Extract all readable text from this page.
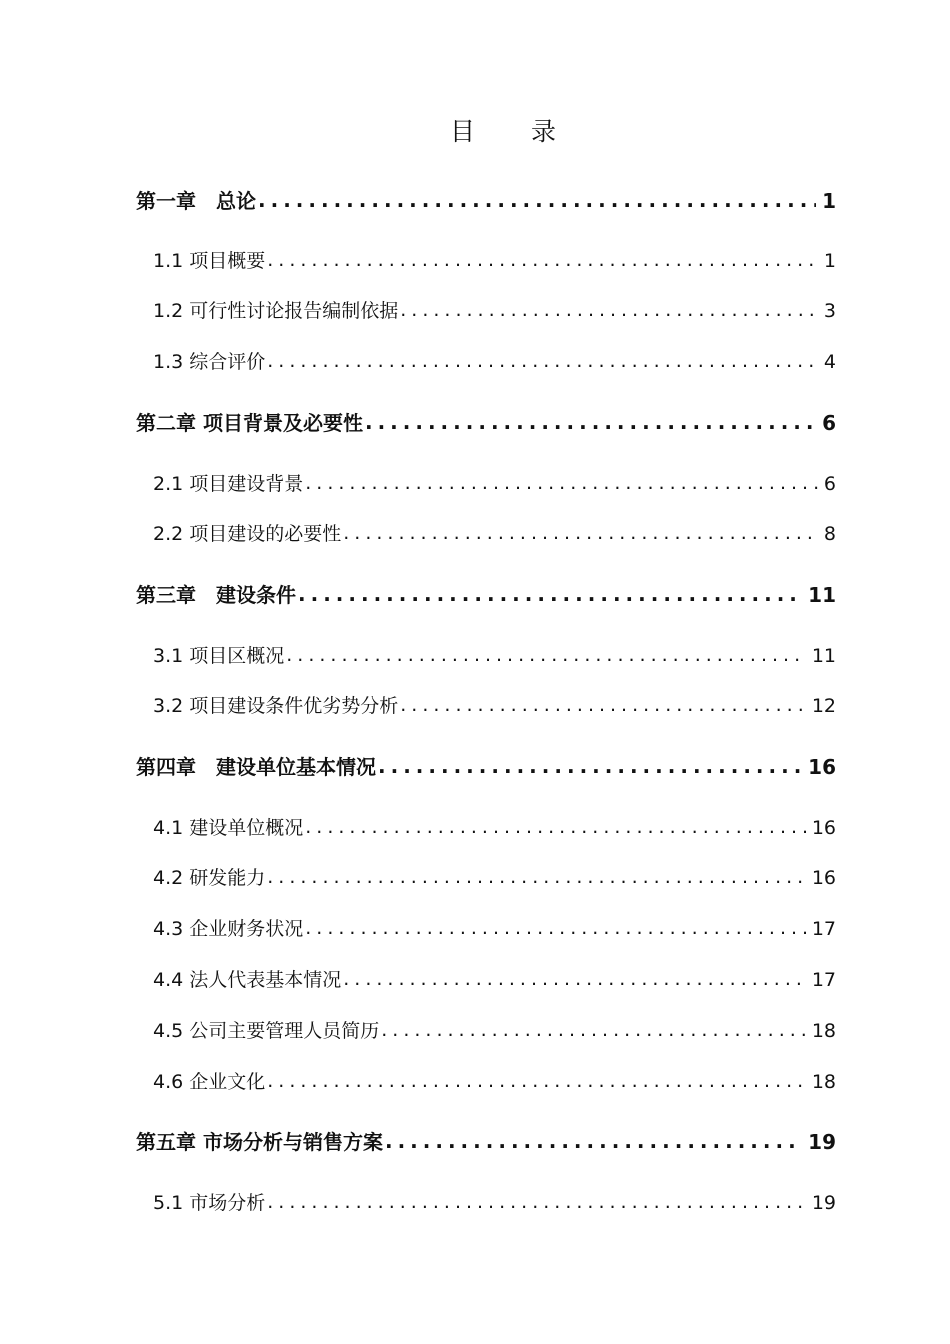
目 录
第一章　总论 .....	1
1.1 项目概要 .....	1
1.2 可行性讨论报告编制依据 .....	3
1.3 综合评价 .....	4
第二章 项目背景及必要性 .....	6
2.1 项目建设背景 .....	6
2.2 项目建设的必要性 .....	8
第三章　建设条件 .....	11
3.1 项目区概况 .....	11
3.2 项目建设条件优劣势分析 .....	12
第四章　建设单位基本情况 .....	16
4.1 建设单位概况 .....	16
4.2 研发能力 .....	16
4.3 企业财务状况 .....	17
4.4 法人代表基本情况 .....	17
4.5 公司主要管理人员简历 .....	18
4.6 企业文化 .....	18
第五章 市场分析与销售方案 .....	19
5.1 市场分析 .....	19
